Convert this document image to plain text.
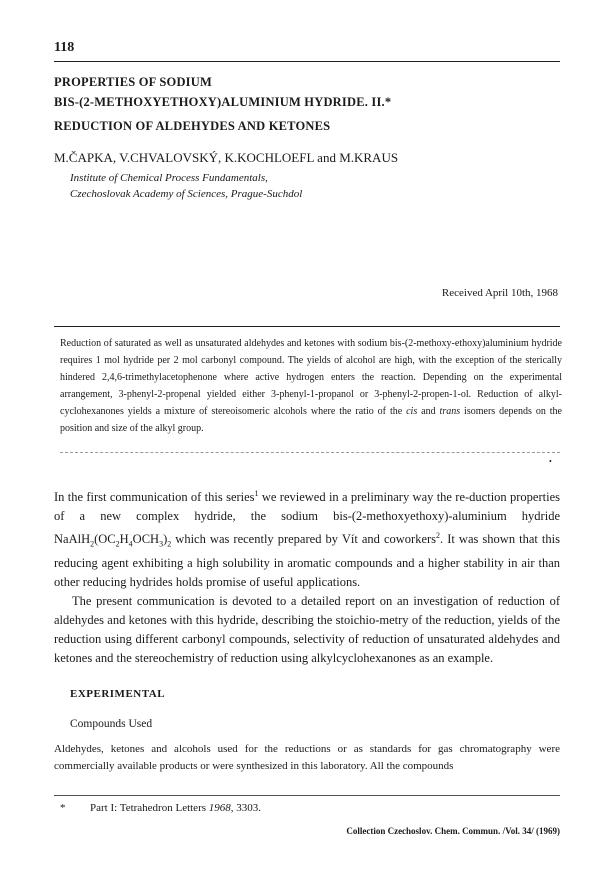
118
PROPERTIES OF SODIUM
BIS-(2-METHOXYETHOXY)ALUMINIUM HYDRIDE. II.*
REDUCTION OF ALDEHYDES AND KETONES
M.ČAPKA, V.CHVALOVSKÝ, K.KOCHLOEFL and M.KRAUS
Institute of Chemical Process Fundamentals,
Czechoslovak Academy of Sciences, Prague-Suchdol
Received April 10th, 1968
Reduction of saturated as well as unsaturated aldehydes and ketones with sodium bis-(2-methoxy-ethoxy)aluminium hydride requires 1 mol hydride per 2 mol carbonyl compound. The yields of alcohol are high, with the exception of the sterically hindered 2,4,6-trimethylacetophenone where active hydrogen enters the reaction. Depending on the experimental arrangement, 3-phenyl-2-propenal yielded either 3-phenyl-1-propanol or 3-phenyl-2-propen-1-ol. Reduction of alkyl-cyclohexanones yields a mixture of stereoisomeric alcohols where the ratio of the cis and trans isomers depends on the position and size of the alkyl group.
•

In the first communication of this series$^1$ we reviewed in a preliminary way the re-duction properties of a new complex hydride, the sodium bis-(2-methoxyethoxy)-aluminium hydride $NaAlH_2(OC_2H_4OCH_3)_2$ which was recently prepared by Vít and coworkers$^2$. It was shown that this reducing agent exhibiting a high solubility in aromatic compounds and a higher stability in air than other reducing hydrides holds promise of useful applications.

The present communication is devoted to a detailed report on an investigation of reduction of aldehydes and ketones with this hydride, describing the stoichio-metry of the reduction, yields of the reduction using different carbonyl compounds, selectivity of reduction of unsaturated aldehydes and ketones and the stereochemistry of reduction using alkylcyclohexanones as an example.

EXPERIMENTAL
Compounds Used
Aldehydes, ketones and alcohols used for the reductions or as standards for gas chromatography were commercially available products or were synthesized in this laboratory. All the compounds
* Part I: Tetrahedron Letters 1968, 3303.
Collection Czechoslov. Chem. Commun. /Vol. 34/ (1969)
